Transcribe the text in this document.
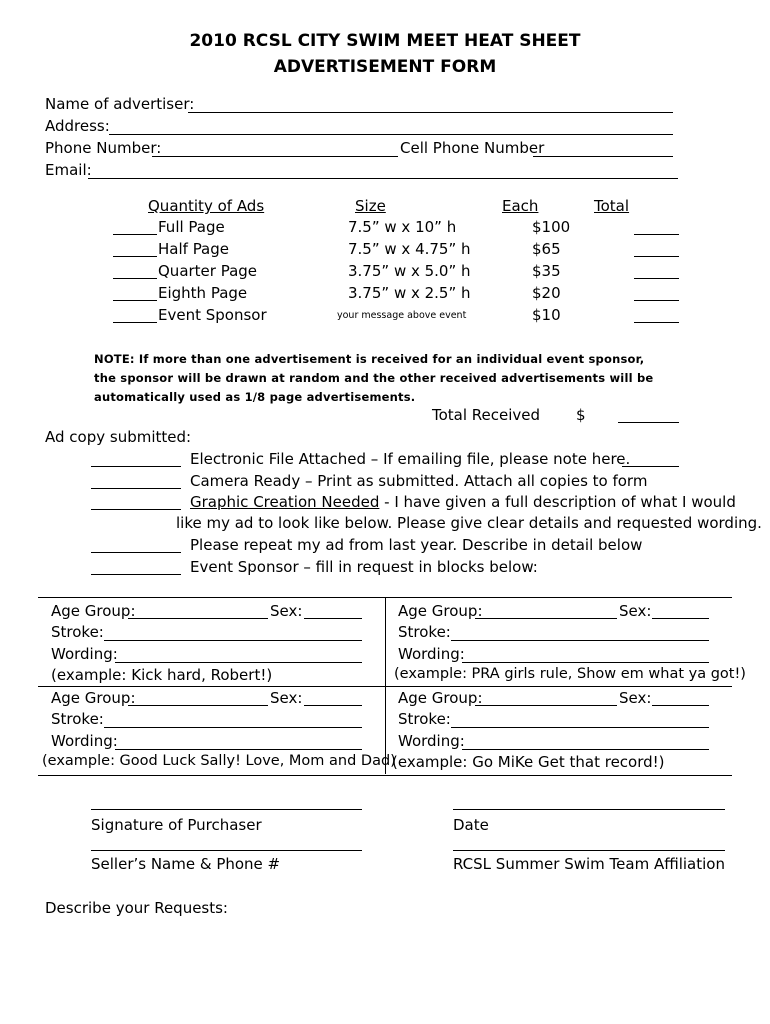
2010 RCSL CITY SWIM MEET HEAT SHEET
ADVERTISEMENT FORM
Name of advertiser:
Address:
Phone Number:	Cell Phone Number
Email:
Quantity of Ads	Size	Each	Total
Full Page	7.5” w x 10” h	$100
Half Page	7.5” w x 4.75” h	$65
Quarter Page	3.75” w x 5.0” h	$35
Eighth Page	3.75” w x 2.5” h	$20
Event Sponsor	your message above event	$10
NOTE: If more than one advertisement is received for an individual event sponsor,
the sponsor will be drawn at random and the other received advertisements will be
automatically used as 1/8 page advertisements.
Total Received $
Ad copy submitted:
Electronic File Attached – If emailing file, please note here.
Camera Ready – Print as submitted. Attach all copies to form
Graphic Creation Needed - I have given a full description of what I would
like my ad to look like below. Please give clear details and requested wording.
Please repeat my ad from last year. Describe in detail below
Event Sponsor – fill in request in blocks below:
Age Group:	Sex:
Stroke:
Wording:
(example: Kick hard, Robert!)
Age Group:	Sex:
Stroke:
Wording:
(example: PRA girls rule, Show em what ya got!)
Age Group:	Sex:
Stroke:
Wording:
(example: Good Luck Sally! Love, Mom and Dad)
Age Group:	Sex:
Stroke:
Wording:
(example: Go MiKe Get that record!)
Signature of Purchaser	Date
Seller’s Name & Phone #	RCSL Summer Swim Team Affiliation
Describe your Requests:
